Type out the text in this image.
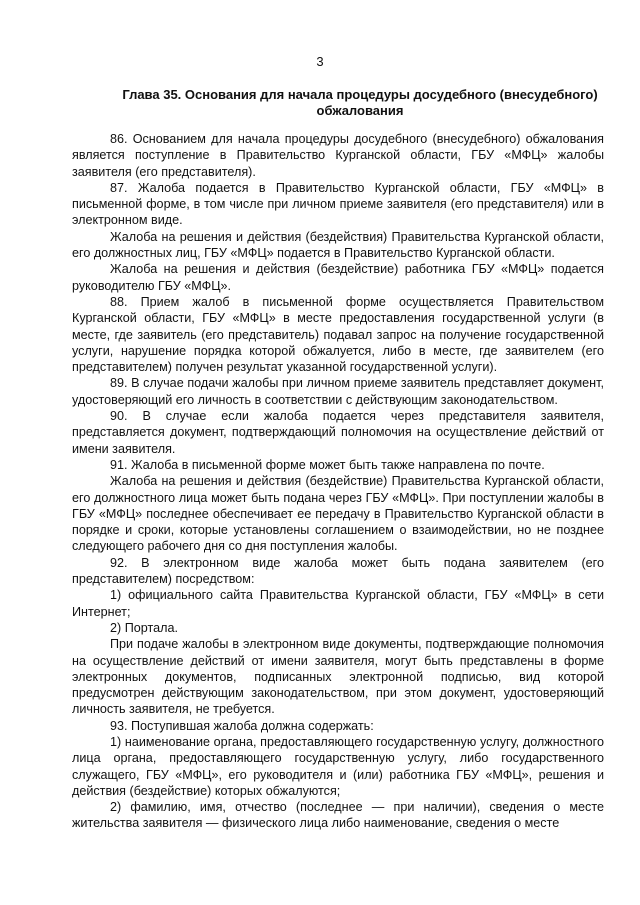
3
Глава 35. Основания для начала процедуры досудебного (внесудебного) обжалования

86. Основанием для начала процедуры досудебного (внесудебного) обжалования является поступление в Правительство Курганской области, ГБУ «МФЦ» жалобы заявителя (его представителя).

87. Жалоба подается в Правительство Курганской области, ГБУ «МФЦ» в письменной форме, в том числе при личном приеме заявителя (его представителя) или в электронном виде.

Жалоба на решения и действия (бездействия) Правительства Курганской области, его должностных лиц, ГБУ «МФЦ» подается в Правительство Курганской области.

Жалоба на решения и действия (бездействие) работника ГБУ «МФЦ» подается руководителю ГБУ «МФЦ».

88. Прием жалоб в письменной форме осуществляется Правительством Курганской области, ГБУ «МФЦ» в месте предоставления государственной услуги (в месте, где заявитель (его представитель) подавал запрос на получение государственной услуги, нарушение порядка которой обжалуется, либо в месте, где заявителем (его представителем) получен результат указанной государственной услуги).

89. В случае подачи жалобы при личном приеме заявитель представляет документ, удостоверяющий его личность в соответствии с действующим законодательством.

90. В случае если жалоба подается через представителя заявителя, представляется документ, подтверждающий полномочия на осуществление действий от имени заявителя.

91. Жалоба в письменной форме может быть также направлена по почте.

Жалоба на решения и действия (бездействие) Правительства Курганской области, его должностного лица может быть подана через ГБУ «МФЦ». При поступлении жалобы в ГБУ «МФЦ» последнее обеспечивает ее передачу в Правительство Курганской области в порядке и сроки, которые установлены соглашением о взаимодействии, но не позднее следующего рабочего дня со дня поступления жалобы.

92. В электронном виде жалоба может быть подана заявителем (его представителем) посредством:

1) официального сайта Правительства Курганской области, ГБУ «МФЦ» в сети Интернет;

2) Портала.

При подаче жалобы в электронном виде документы, подтверждающие полномочия на осуществление действий от имени заявителя, могут быть представлены в форме электронных документов, подписанных электронной подписью, вид которой предусмотрен действующим законодательством, при этом документ, удостоверяющий личность заявителя, не требуется.

93. Поступившая жалоба должна содержать:

1) наименование органа, предоставляющего государственную услугу, должностного лица органа, предоставляющего государственную услугу, либо государственного служащего, ГБУ «МФЦ», его руководителя и (или) работника ГБУ «МФЦ», решения и действия (бездействие) которых обжалуются;

2) фамилию, имя, отчество (последнее — при наличии), сведения о месте жительства заявителя — физического лица либо наименование, сведения о месте
